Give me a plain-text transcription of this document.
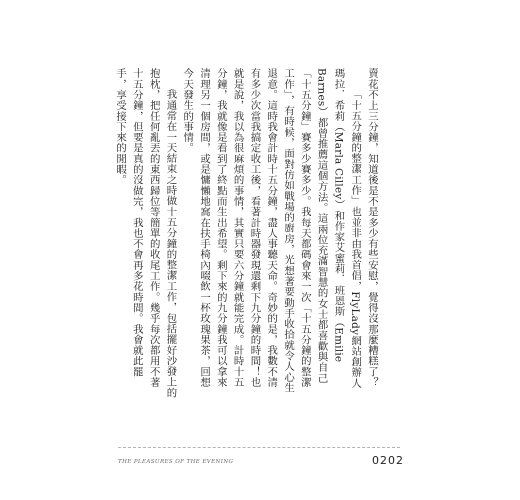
賣花不上三分鐘，知道後是不是多少有些安慰，覺得沒那麼糟糕了？

「十五分鐘的整潔工作」也並非由我首倡，FlyLady網站創辦人瑪拉．希莉（Marla Cilley）和作家艾蜜莉．班恩斯（Emilie Barnes）都曾推薦這個方法。這兩位充滿智慧的女士都喜歡與自己「十五分鐘」賽多少賽多少。我每天都碼會來一次「十五分鐘的整潔工作」，有時候，面對仿如戰場的廚房，光想著要動手收拾就令人心生退意。這時我會計時十五分鐘，盡人事聽天命。奇妙的是，我數不清有多少次當我搞定收工後，看著計時器發現還剩下九分鐘的時間！也就是說，我以為很麻煩的事情，其實只要六分鐘就能完成。計時十五分鐘，我就像是看到了終點而生出希望。剩下來的九分鐘我可以拿來清理另一個房間，或是慵懶地窩在扶手椅內啜飲一杯玫瑰果茶，回想今天發生的事情。

我通常在一天結束之時做十五分鐘的整潔工作，包括擺好沙發上的抱枕，把任何亂丟的東西歸位等簡單的收尾工作。幾乎每次都用不著十五分鐘，但要是真的沒做完，我也不會再多花時間。我會就此罷手，享受接下來的閒暇。

THE PLEASURES OF THE EVENING	0202
